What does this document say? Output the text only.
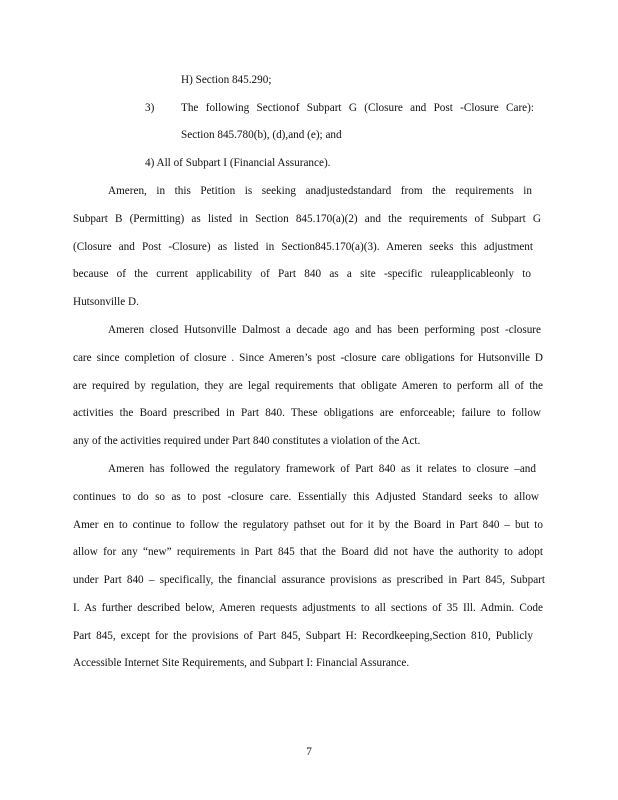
H) Section 845.290;
3) The following Sectionof Subpart G (Closure and Post -Closure Care):
Section 845.780(b), (d),and (e); and
4) All of Subpart I (Financial Assurance).
Ameren, in this Petition is seeking anadjustedstandard from the requirements in
Subpart B (Permitting) as listed in Section 845.170(a)(2) and the requirements of Subpart G
(Closure and Post -Closure) as listed in Section845.170(a)(3). Ameren seeks this adjustment
because of the current applicability of Part 840 as a site -specific ruleapplicableonly to
Hutsonville D.
Ameren closed Hutsonville Dalmost a decade ago and has been performing post -closure
care since completion of closure . Since Ameren’s post -closure care obligations for Hutsonville D
are required by regulation, they are legal requirements that obligate Ameren to perform all of the
activities the Board prescribed in Part 840. These obligations are enforceable; failure to follow
any of the activities required under Part 840 constitutes a violation of the Act.
Ameren has followed the regulatory framework of Part 840 as it relates to closure –and
continues to do so as to post -closure care. Essentially this Adjusted Standard seeks to allow
Amer en to continue to follow the regulatory pathset out for it by the Board in Part 840 – but to
allow for any “new” requirements in Part 845 that the Board did not have the authority to adopt
under Part 840 – specifically, the financial assurance provisions as prescribed in Part 845, Subpart
I. As further described below, Ameren requests adjustments to all sections of 35 Ill. Admin. Code
Part 845, except for the provisions of Part 845, Subpart H: Recordkeeping,Section 810, Publicly
Accessible Internet Site Requirements, and Subpart I: Financial Assurance.
7
